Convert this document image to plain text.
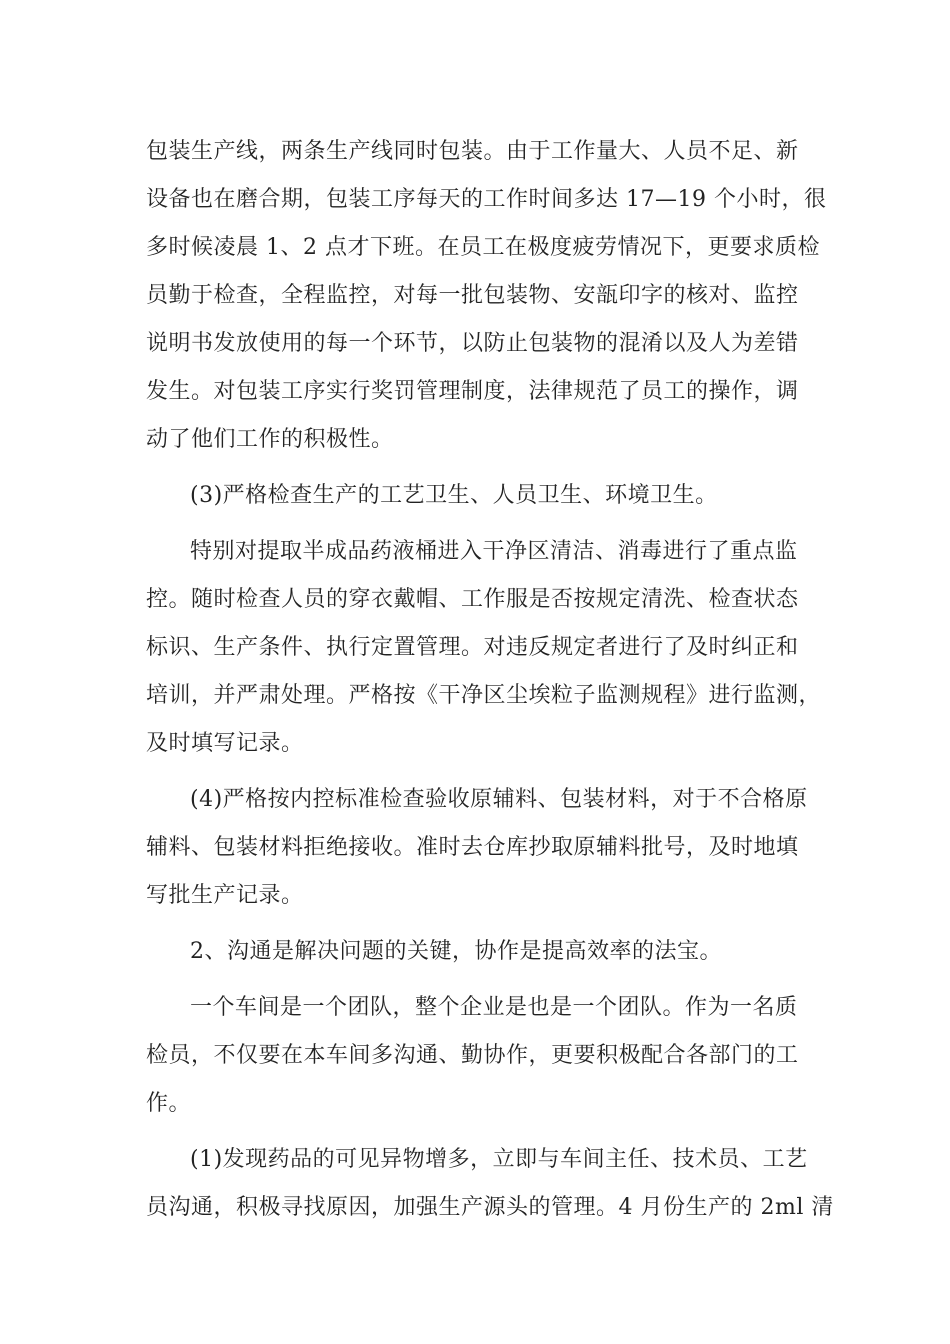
包装生产线，两条生产线同时包装。由于工作量大、人员不足、新
设备也在磨合期，包装工序每天的工作时间多达 17—19 个小时，很
多时候凌晨 1、2 点才下班。在员工在极度疲劳情况下，更要求质检
员勤于检查，全程监控，对每一批包装物、安瓿印字的核对、监控
说明书发放使用的每一个环节，以防止包装物的混淆以及人为差错
发生。对包装工序实行奖罚管理制度，法律规范了员工的操作，调
动了他们工作的积极性。
(3)严格检查生产的工艺卫生、人员卫生、环境卫生。
特别对提取半成品药液桶进入干净区清洁、消毒进行了重点监
控。随时检查人员的穿衣戴帽、工作服是否按规定清洗、检查状态
标识、生产条件、执行定置管理。对违反规定者进行了及时纠正和
培训，并严肃处理。严格按《干净区尘埃粒子监测规程》进行监测，
及时填写记录。
(4)严格按内控标准检查验收原辅料、包装材料，对于不合格原
辅料、包装材料拒绝接收。准时去仓库抄取原辅料批号，及时地填
写批生产记录。
2、沟通是解决问题的关键，协作是提高效率的法宝。
一个车间是一个团队，整个企业是也是一个团队。作为一名质
检员，不仅要在本车间多沟通、勤协作，更要积极配合各部门的工
作。
(1)发现药品的可见异物增多，立即与车间主任、技术员、工艺
员沟通，积极寻找原因，加强生产源头的管理。4 月份生产的 2ml 清
